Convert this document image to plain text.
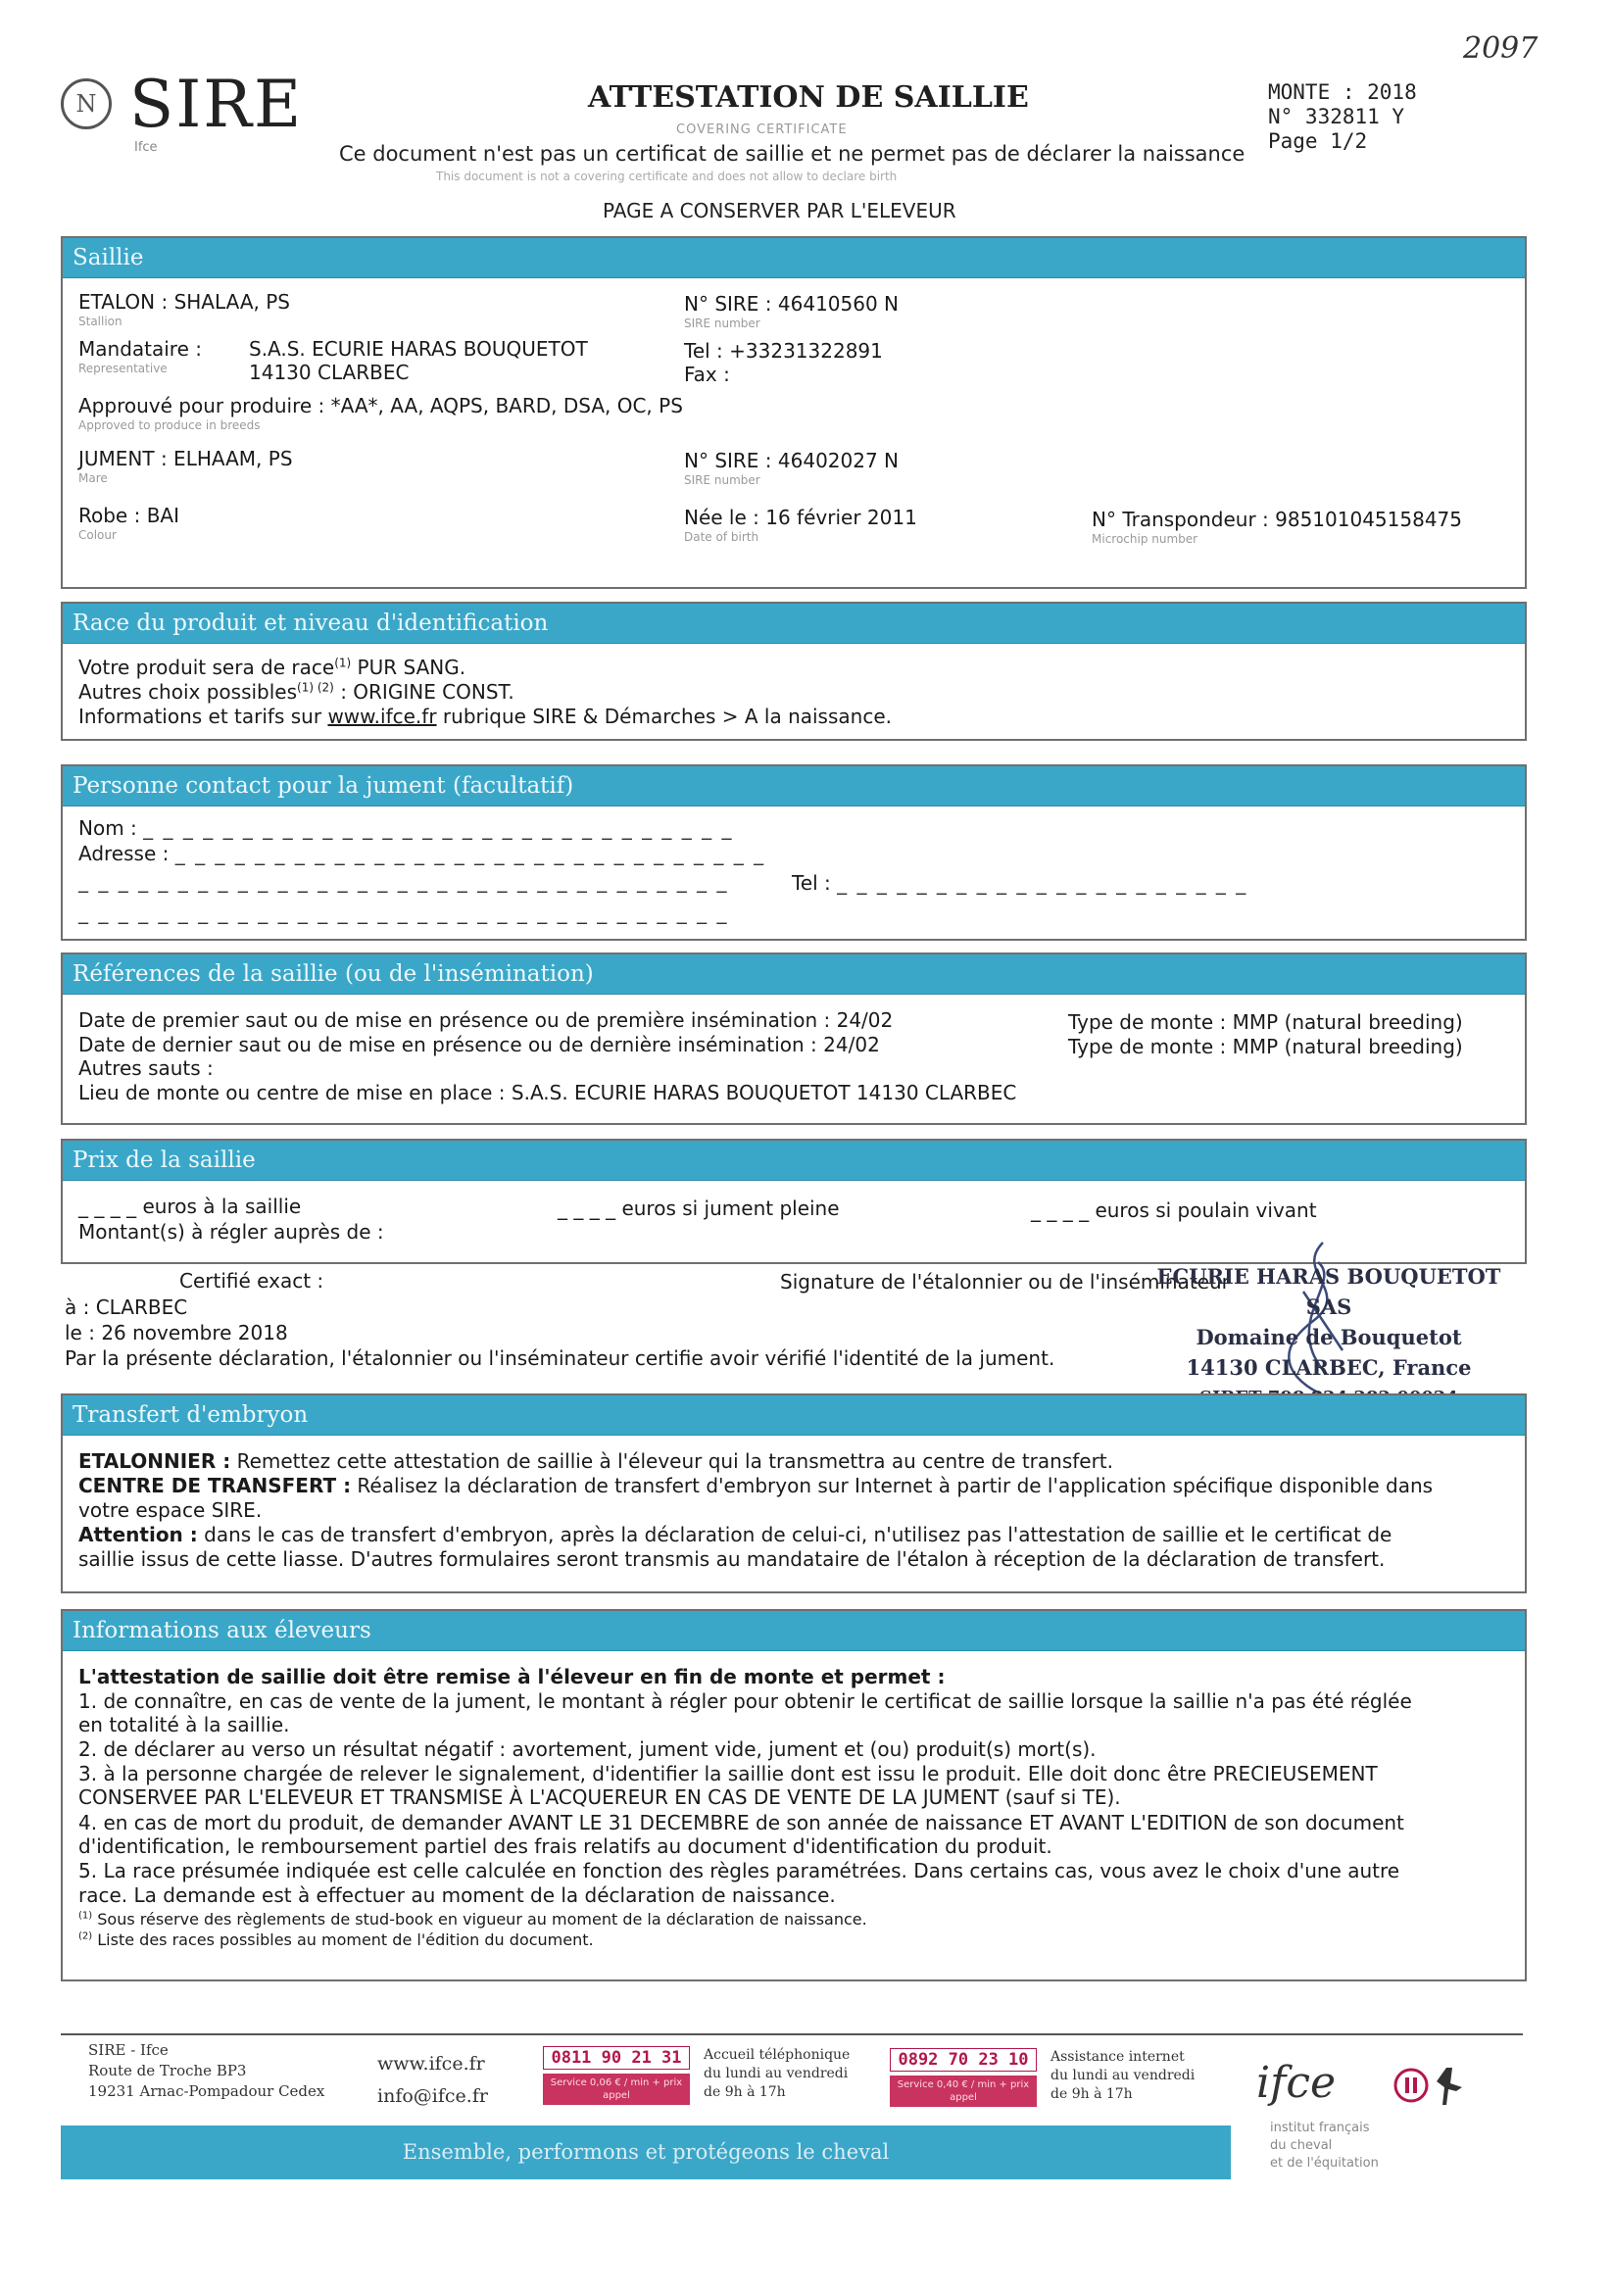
2097
N SIRE
Ifce
ATTESTATION DE SAILLIE
COVERING CERTIFICATE
Ce document n'est pas un certificat de saillie et ne permet pas de déclarer la naissance
This document is not a covering certificate and does not allow to declare birth
PAGE A CONSERVER PAR L'ELEVEUR
MONTE : 2018
N° 332811 Y
Page 1/2
Saillie
ETALON : SHALAA, PS
Stallion
N° SIRE : 46410560 N
SIRE number
Mandataire :
Representative
S.A.S. ECURIE HARAS BOUQUETOT
14130 CLARBEC
Tel : +33231322891
Fax :
Approuvé pour produire : *AA*, AA, AQPS, BARD, DSA, OC, PS
Approved to produce in breeds
JUMENT : ELHAAM, PS
Mare
N° SIRE : 46402027 N
SIRE number
Robe : BAI
Colour
Née le : 16 février 2011
Date of birth
N° Transpondeur : 985101045158475
Microchip number
Race du produit et niveau d'identification
Votre produit sera de race$^{(1)}$ PUR SANG.
Autres choix possibles$^{(1) (2)}$ : ORIGINE CONST.
Informations et tarifs sur www.ifce.fr rubrique SIRE & Démarches > A la naissance.
Personne contact pour la jument (facultatif)
Nom : _ _ _ _ _ _ _ _ _ _ _ _ _ _ _ _ _ _ _ _ _ _ _ _ _ _ _ _ _ _
Adresse : _ _ _ _ _ _ _ _ _ _ _ _ _ _ _ _ _ _ _ _ _ _ _ _ _ _ _ _ _ _
_ _ _ _ _ _ _ _ _ _ _ _ _ _ _ _ _ _ _ _ _ _ _ _ _ _ _ _ _ _ _ _ _	Tel : _ _ _ _ _ _ _ _ _ _ _ _ _ _ _ _ _ _ _ _ _
_ _ _ _ _ _ _ _ _ _ _ _ _ _ _ _ _ _ _ _ _ _ _ _ _ _ _ _ _ _ _ _ _
Références de la saillie (ou de l'insémination)
Date de premier saut ou de mise en présence ou de première insémination : 24/02	Type de monte : MMP (natural breeding)
Date de dernier saut ou de mise en présence ou de dernière insémination : 24/02	Type de monte : MMP (natural breeding)
Autres sauts :
Lieu de monte ou centre de mise en place : S.A.S. ECURIE HARAS BOUQUETOT 14130 CLARBEC
Prix de la saillie
_ _ _ _ euros à la saillie	_ _ _ _ euros si jument pleine	_ _ _ _ euros si poulain vivant
Montant(s) à régler auprès de :
Certifié exact :
à : CLARBEC
le : 26 novembre 2018
Par la présente déclaration, l'étalonnier ou l'inséminateur certifie avoir vérifié l'identité de la jument.
Signature de l'étalonnier ou de l'inséminateur
ECURIE HARAS BOUQUETOT SAS
Domaine de Bouquetot
14130 CLARBEC, France
Transfert d'embryon
ETALONNIER : Remettez cette attestation de saillie à l'éleveur qui la transmettra au centre de transfert.
CENTRE DE TRANSFERT : Réalisez la déclaration de transfert d'embryon sur Internet à partir de l'application spécifique disponible dans
votre espace SIRE.
Attention : dans le cas de transfert d'embryon, après la déclaration de celui-ci, n'utilisez pas l'attestation de saillie et le certificat de
saillie issus de cette liasse. D'autres formulaires seront transmis au mandataire de l'étalon à réception de la déclaration de transfert.
Informations aux éleveurs
L'attestation de saillie doit être remise à l'éleveur en fin de monte et permet :
1. de connaître, en cas de vente de la jument, le montant à régler pour obtenir le certificat de saillie lorsque la saillie n'a pas été réglée
en totalité à la saillie.
2. de déclarer au verso un résultat négatif : avortement, jument vide, jument et (ou) produit(s) mort(s).
3. à la personne chargée de relever le signalement, d'identifier la saillie dont est issu le produit. Elle doit donc être PRECIEUSEMENT
CONSERVEE PAR L'ELEVEUR ET TRANSMISE À L'ACQUEREUR EN CAS DE VENTE DE LA JUMENT (sauf si TE).
4. en cas de mort du produit, de demander AVANT LE 31 DECEMBRE de son année de naissance ET AVANT L'EDITION de son document
d'identification, le remboursement partiel des frais relatifs au document d'identification du produit.
5. La race présumée indiquée est celle calculée en fonction des règles paramétrées. Dans certains cas, vous avez le choix d'une autre
race. La demande est à effectuer au moment de la déclaration de naissance.
$^{(1)}$ Sous réserve des règlements de stud-book en vigueur au moment de la déclaration de naissance.
$^{(2)}$ Liste des races possibles au moment de l'édition du document.
SIRE - Ifce
Route de Troche BP3
19231 Arnac-Pompadour Cedex
www.ifce.fr
info@ifce.fr
0811 90 21 31
Service 0,06 € / min + prix appel
Accueil téléphonique
du lundi au vendredi
de 9h à 17h
0892 70 23 10
Service 0,40 € / min + prix appel
Assistance internet
du lundi au vendredi
de 9h à 17h	ifce
institut français
du cheval
et de l'équitation
Ensemble, performons et protégeons le cheval
